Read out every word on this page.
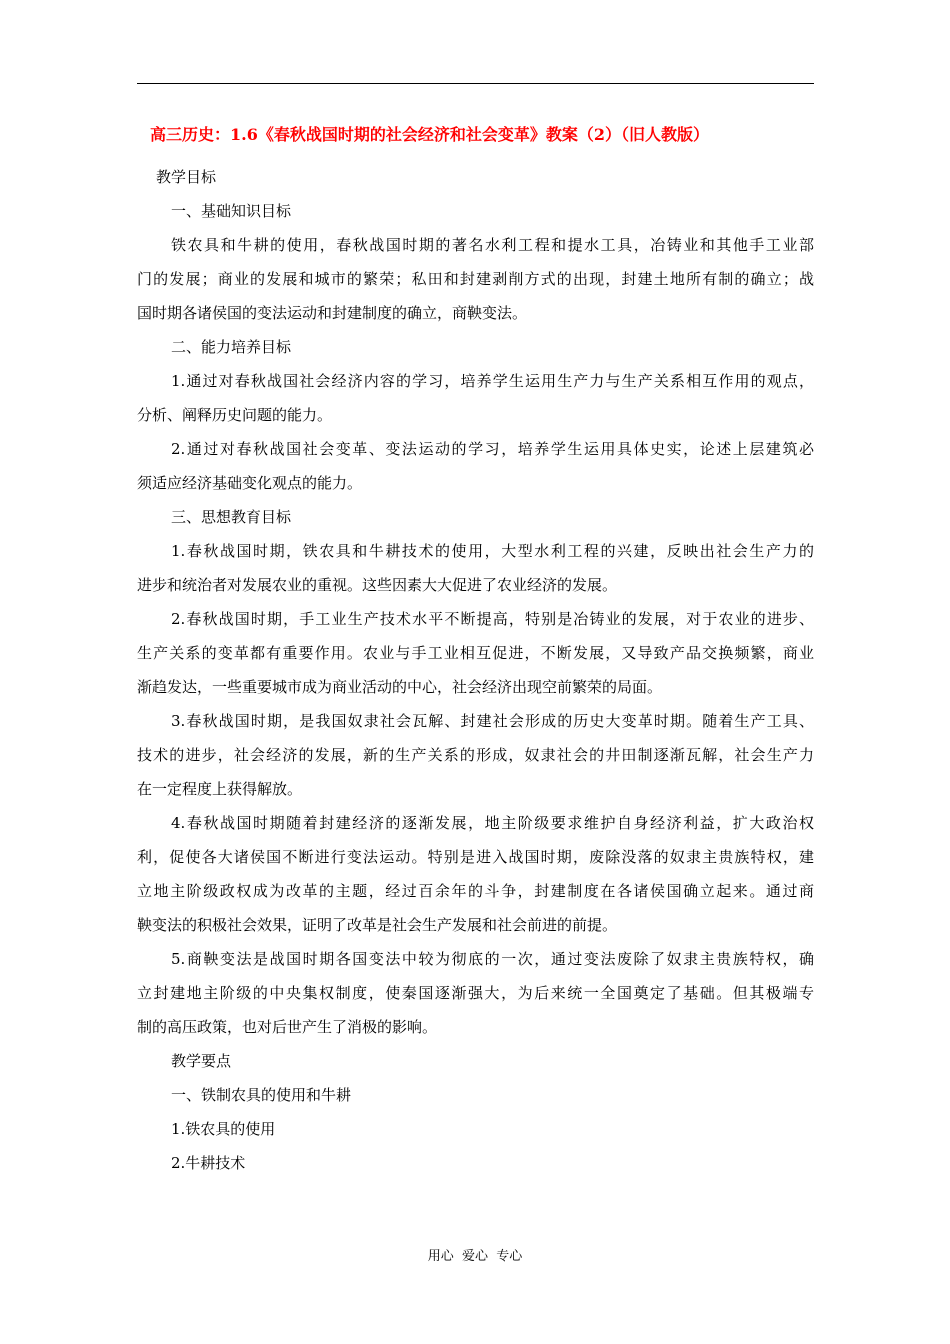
高三历史：1.6《春秋战国时期的社会经济和社会变革》教案（2）（旧人教版）
教学目标
一、基础知识目标
铁农具和牛耕的使用，春秋战国时期的著名水利工程和提水工具，冶铸业和其他手工业部
门的发展；商业的发展和城市的繁荣；私田和封建剥削方式的出现，封建土地所有制的确立；战
国时期各诸侯国的变法运动和封建制度的确立，商鞅变法。
二、能力培养目标
1.通过对春秋战国社会经济内容的学习，培养学生运用生产力与生产关系相互作用的观点，
分析、阐释历史问题的能力。
2.通过对春秋战国社会变革、变法运动的学习，培养学生运用具体史实，论述上层建筑必
须适应经济基础变化观点的能力。
三、思想教育目标
1.春秋战国时期，铁农具和牛耕技术的使用，大型水利工程的兴建，反映出社会生产力的
进步和统治者对发展农业的重视。这些因素大大促进了农业经济的发展。
2.春秋战国时期，手工业生产技术水平不断提高，特别是冶铸业的发展，对于农业的进步、
生产关系的变革都有重要作用。农业与手工业相互促进，不断发展，又导致产品交换频繁，商业
渐趋发达，一些重要城市成为商业活动的中心，社会经济出现空前繁荣的局面。
3.春秋战国时期，是我国奴隶社会瓦解、封建社会形成的历史大变革时期。随着生产工具、
技术的进步，社会经济的发展，新的生产关系的形成，奴隶社会的井田制逐渐瓦解，社会生产力
在一定程度上获得解放。
4.春秋战国时期随着封建经济的逐渐发展，地主阶级要求维护自身经济利益，扩大政治权
利，促使各大诸侯国不断进行变法运动。特别是进入战国时期，废除没落的奴隶主贵族特权，建
立地主阶级政权成为改革的主题，经过百余年的斗争，封建制度在各诸侯国确立起来。通过商
鞅变法的积极社会效果，证明了改革是社会生产发展和社会前进的前提。
5.商鞅变法是战国时期各国变法中较为彻底的一次，通过变法废除了奴隶主贵族特权，确
立封建地主阶级的中央集权制度，使秦国逐渐强大，为后来统一全国奠定了基础。但其极端专
制的高压政策，也对后世产生了消极的影响。
教学要点
一、铁制农具的使用和牛耕
1.铁农具的使用
2.牛耕技术
用心  爱心  专心
